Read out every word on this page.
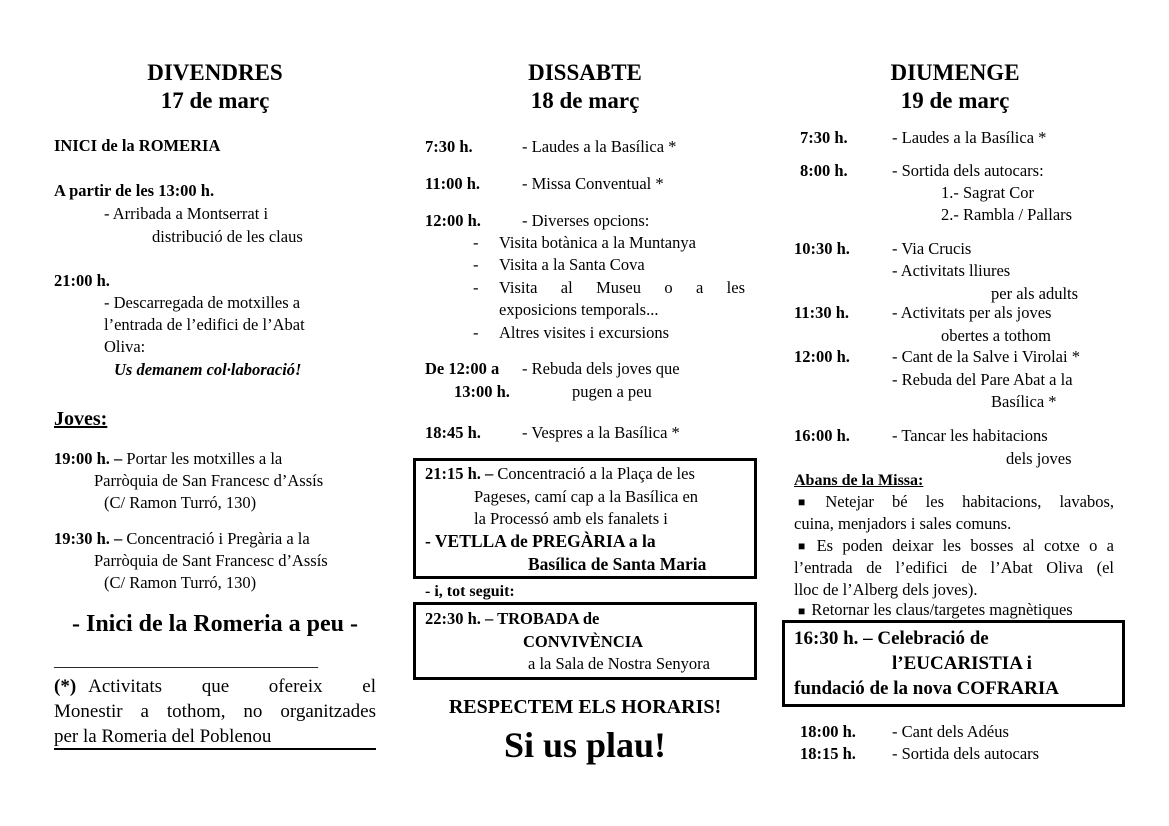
DIVENDRES
17 de març
INICI de la ROMERIA
A partir de les 13:00 h.
- Arribada a Montserrat i
distribució de les claus
21:00 h.
- Descarregada de motxilles a
l’entrada de l’edifici de l’Abat
Oliva:
Us demanem col·laboració!
Joves:
19:00 h. – Portar les motxilles a la
Parròquia de San Francesc d’Assís
(C/ Ramon Turró, 130)
19:30 h. – Concentració i Pregària a la
Parròquia de Sant Francesc d’Assís
(C/ Ramon Turró, 130)
- Inici de la Romeria a peu -
________________________________
(*) Activitats que ofereix el
Monestir a tothom, no organitzades
per la Romeria del Poblenou
DISSABTE
18 de març
7:30 h.	- Laudes a la Basílica *
11:00 h.	- Missa Conventual *
12:00 h. - Diverses opcions:
- Visita botànica a la Muntanya
- Visita a la Santa Cova
- Visita al Museu o a les
exposicions temporals...
- Altres visites i excursions
De 12:00 a - Rebuda dels joves que
13:00 h.	pugen a peu
18:45 h. - Vespres a la Basílica *
21:15 h. – Concentració a la Plaça de les
Pageses, camí cap a la Basílica en
la Processó amb els fanalets i
- VETLLA de PREGÀRIA a la
Basílica de Santa Maria
- i, tot seguit:
22:30 h. – TROBADA de
CONVIVÈNCIA
a la Sala de Nostra Senyora
RESPECTEM ELS HORARIS!
Si us plau!
DIUMENGE
19 de març
7:30 h.	- Laudes a la Basílica *
8:00 h.	- Sortida dels autocars:
1.- Sagrat Cor
2.- Rambla / Pallars
10:30 h.	- Via Crucis
- Activitats lliures
per als adults
11:30 h.	- Activitats per als joves
obertes a tothom
12:00 h.	- Cant de la Salve i Virolai *
- Rebuda del Pare Abat a la
Basílica *
16:00 h.	- Tancar les habitacions
dels joves
Abans de la Missa:
■ Netejar bé les habitacions, lavabos,
cuina, menjadors i sales comuns.
■ Es poden deixar les bosses al cotxe o a
l’entrada de l’edifici de l’Abat Oliva (el
lloc de l’Alberg dels joves).
■ Retornar les claus/targetes magnètiques
16:30 h. – Celebració de
l’EUCARISTIA i
fundació de la nova COFRARIA
18:00 h. - Cant dels Adéus
18:15 h. - Sortida dels autocars
